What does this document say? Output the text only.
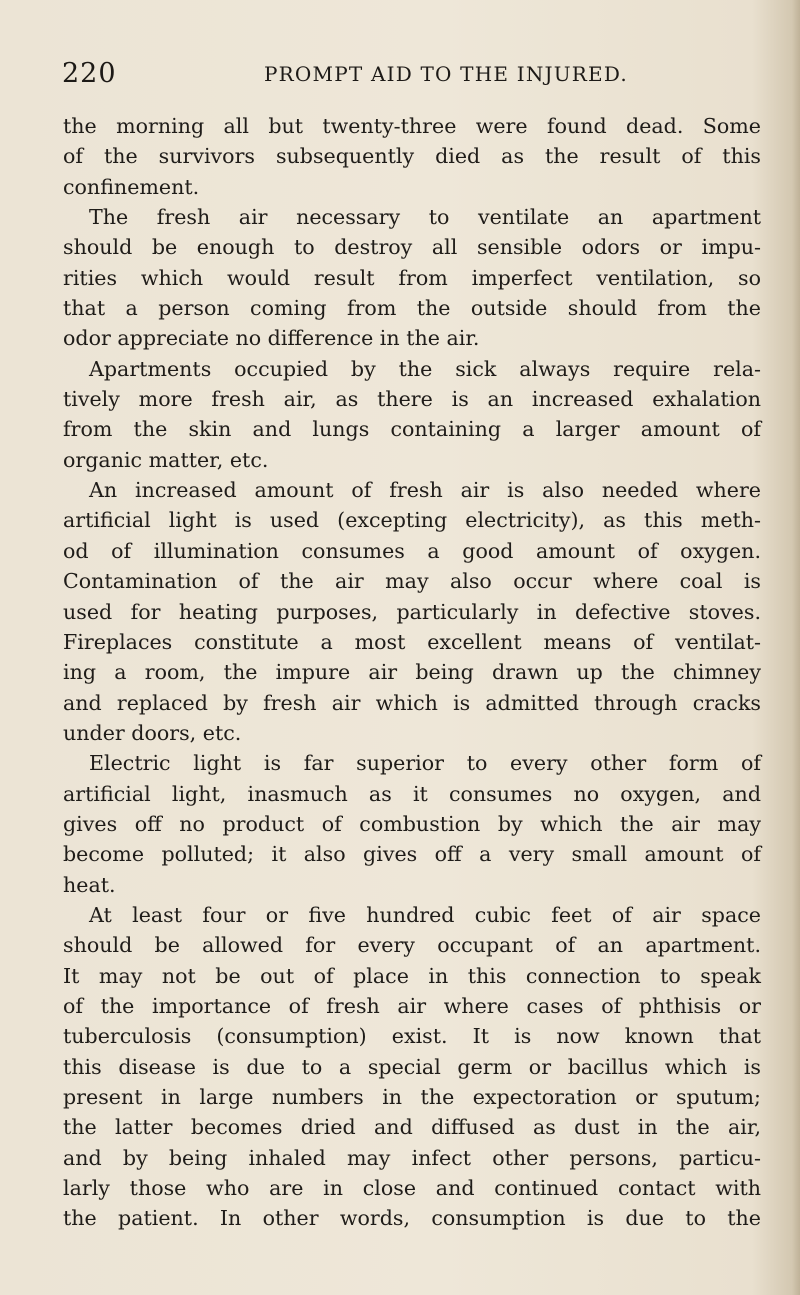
220	PROMPT AID TO THE INJURED.
the morning all but twenty-three were found dead. Some
of the survivors subsequently died as the result of this
confinement.
The fresh air necessary to ventilate an apartment
should be enough to destroy all sensible odors or impu-
rities which would result from imperfect ventilation, so
that a person coming from the outside should from the
odor appreciate no difference in the air.
Apartments occupied by the sick always require rela-
tively more fresh air, as there is an increased exhalation
from the skin and lungs containing a larger amount of
organic matter, etc.
An increased amount of fresh air is also needed where
artificial light is used (excepting electricity), as this meth-
od of illumination consumes a good amount of oxygen.
Contamination of the air may also occur where coal is
used for heating purposes, particularly in defective stoves.
Fireplaces constitute a most excellent means of ventilat-
ing a room, the impure air being drawn up the chimney
and replaced by fresh air which is admitted through cracks
under doors, etc.
Electric light is far superior to every other form of
artificial light, inasmuch as it consumes no oxygen, and
gives off no product of combustion by which the air may
become polluted; it also gives off a very small amount of
heat.
At least four or five hundred cubic feet of air space
should be allowed for every occupant of an apartment.
It may not be out of place in this connection to speak
of the importance of fresh air where cases of phthisis or
tuberculosis (consumption) exist. It is now known that
this disease is due to a special germ or bacillus which is
present in large numbers in the expectoration or sputum;
the latter becomes dried and diffused as dust in the air,
and by being inhaled may infect other persons, particu-
larly those who are in close and continued contact with
the patient. In other words, consumption is due to the
